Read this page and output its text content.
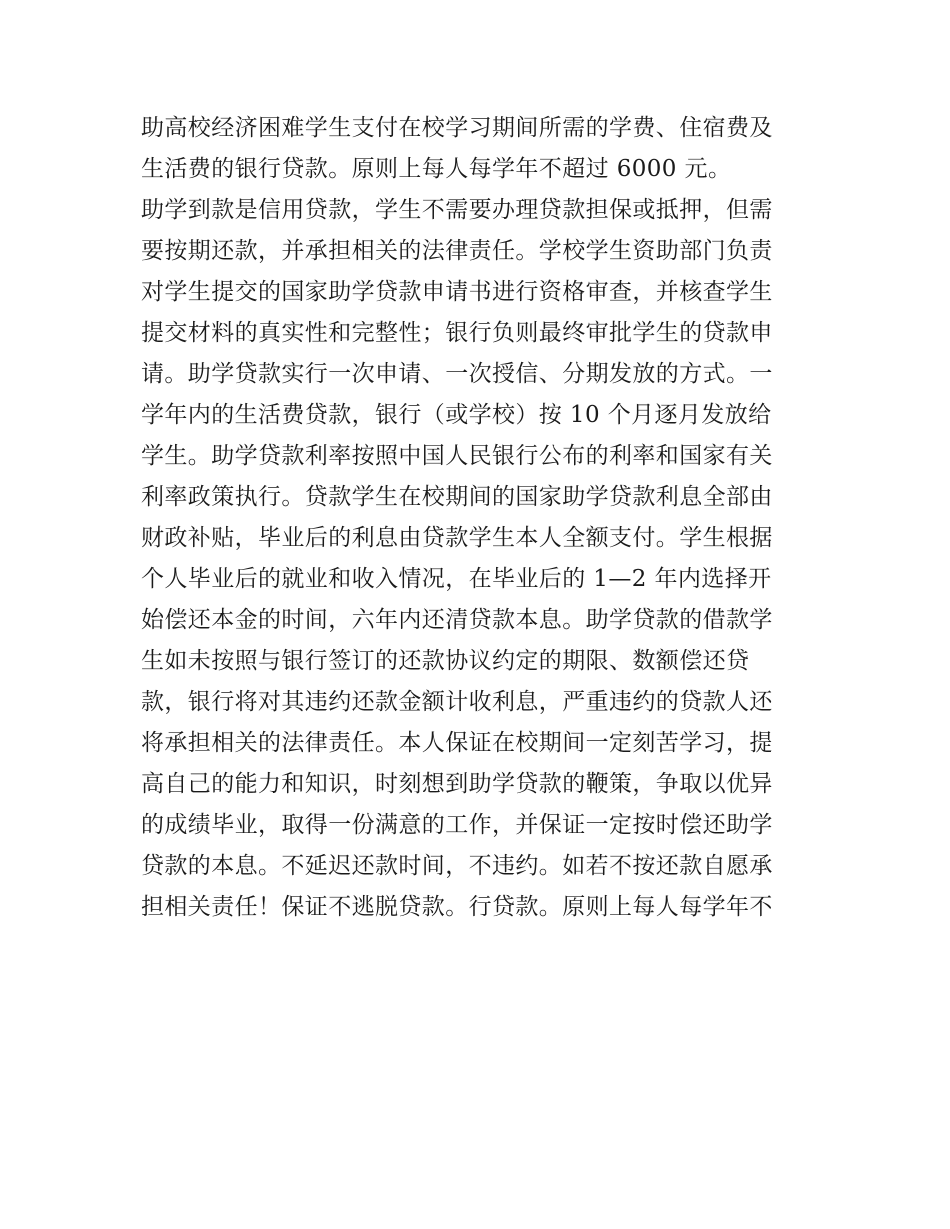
助高校经济困难学生支付在校学习期间所需的学费、住宿费及
生活费的银行贷款。原则上每人每学年不超过 6000 元。
助学到款是信用贷款，学生不需要办理贷款担保或抵押，但需
要按期还款，并承担相关的法律责任。学校学生资助部门负责
对学生提交的国家助学贷款申请书进行资格审查，并核查学生
提交材料的真实性和完整性；银行负则最终审批学生的贷款申
请。助学贷款实行一次申请、一次授信、分期发放的方式。一
学年内的生活费贷款，银行（或学校）按 10 个月逐月发放给
学生。助学贷款利率按照中国人民银行公布的利率和国家有关
利率政策执行。贷款学生在校期间的国家助学贷款利息全部由
财政补贴，毕业后的利息由贷款学生本人全额支付。学生根据
个人毕业后的就业和收入情况，在毕业后的 1—2 年内选择开
始偿还本金的时间，六年内还清贷款本息。助学贷款的借款学
生如未按照与银行签订的还款协议约定的期限、数额偿还贷
款，银行将对其违约还款金额计收利息，严重违约的贷款人还
将承担相关的法律责任。本人保证在校期间一定刻苦学习，提
高自己的能力和知识，时刻想到助学贷款的鞭策，争取以优异
的成绩毕业，取得一份满意的工作，并保证一定按时偿还助学
贷款的本息。不延迟还款时间，不违约。如若不按还款自愿承
担相关责任！保证不逃脱贷款。行贷款。原则上每人每学年不
